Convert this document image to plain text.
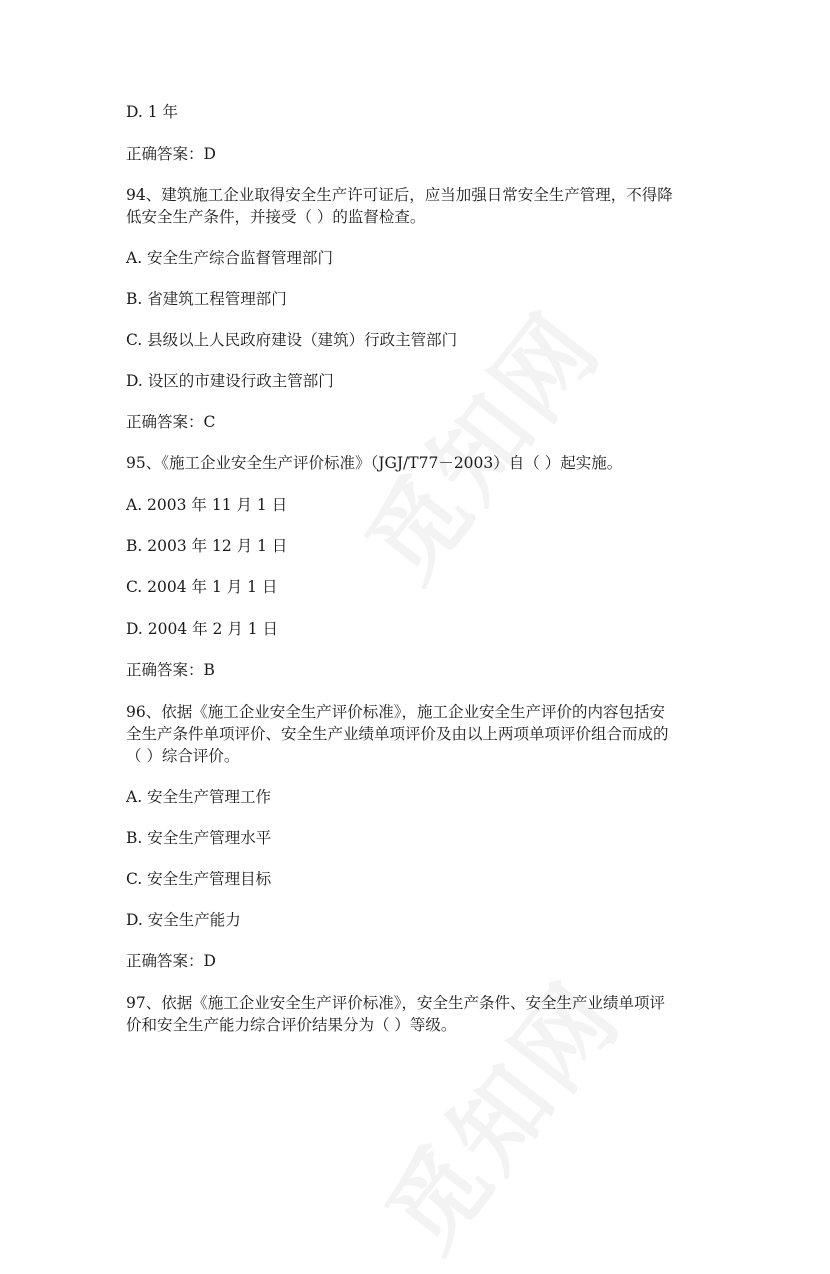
D. 1 年
正确答案：D
94、建筑施工企业取得安全生产许可证后，应当加强日常安全生产管理，不得降
低安全生产条件，并接受（ ）的监督检查。
A. 安全生产综合监督管理部门
B. 省建筑工程管理部门
C. 县级以上人民政府建设（建筑）行政主管部门
D. 设区的市建设行政主管部门
正确答案：C
95、《施工企业安全生产评价标准》（JGJ/T77－2003）自（ ）起实施。
A. 2003 年 11 月 1 日
B. 2003 年 12 月 1 日
C. 2004 年 1 月 1 日
D. 2004 年 2 月 1 日
正确答案：B
96、依据《施工企业安全生产评价标准》，施工企业安全生产评价的内容包括安
全生产条件单项评价、安全生产业绩单项评价及由以上两项单项评价组合而成的
（ ）综合评价。
A. 安全生产管理工作
B. 安全生产管理水平
C. 安全生产管理目标
D. 安全生产能力
正确答案：D
97、依据《施工企业安全生产评价标准》，安全生产条件、安全生产业绩单项评
价和安全生产能力综合评价结果分为（ ）等级。
